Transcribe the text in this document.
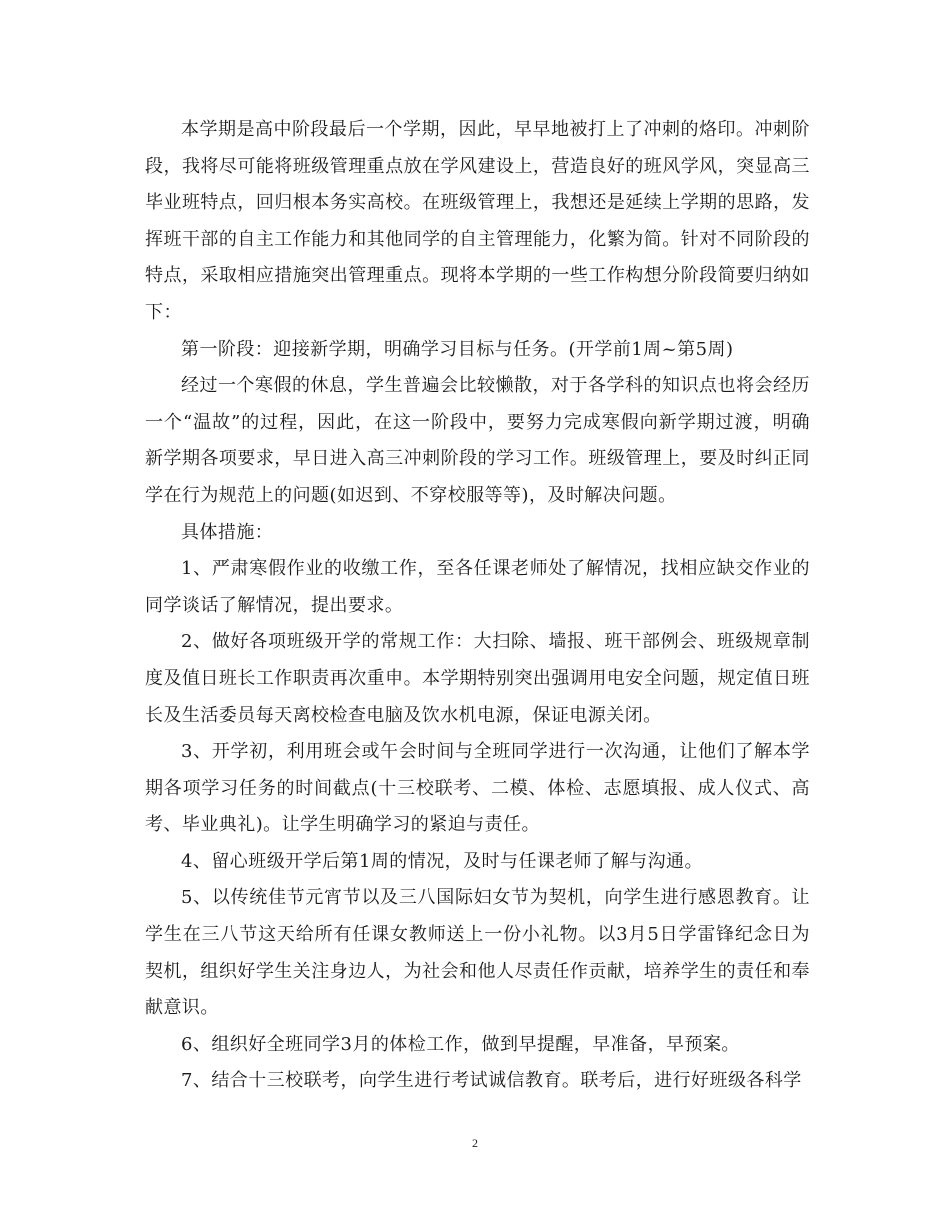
本学期是高中阶段最后一个学期，因此，早早地被打上了冲刺的烙印。冲刺阶段，我将尽可能将班级管理重点放在学风建设上，营造良好的班风学风，突显高三毕业班特点，回归根本务实高校。在班级管理上，我想还是延续上学期的思路，发挥班干部的自主工作能力和其他同学的自主管理能力，化繁为简。针对不同阶段的特点，采取相应措施突出管理重点。现将本学期的一些工作构想分阶段简要归纳如下：

第一阶段：迎接新学期，明确学习目标与任务。(开学前1周~第5周)

经过一个寒假的休息，学生普遍会比较懒散，对于各学科的知识点也将会经历一个“温故”的过程，因此，在这一阶段中，要努力完成寒假向新学期过渡，明确新学期各项要求，早日进入高三冲刺阶段的学习工作。班级管理上，要及时纠正同学在行为规范上的问题(如迟到、不穿校服等等)，及时解决问题。

具体措施：

1、严肃寒假作业的收缴工作，至各任课老师处了解情况，找相应缺交作业的同学谈话了解情况，提出要求。

2、做好各项班级开学的常规工作：大扫除、墙报、班干部例会、班级规章制度及值日班长工作职责再次重申。本学期特别突出强调用电安全问题，规定值日班长及生活委员每天离校检查电脑及饮水机电源，保证电源关闭。

3、开学初，利用班会或午会时间与全班同学进行一次沟通，让他们了解本学期各项学习任务的时间截点(十三校联考、二模、体检、志愿填报、成人仪式、高考、毕业典礼)。让学生明确学习的紧迫与责任。

4、留心班级开学后第1周的情况，及时与任课老师了解与沟通。

5、以传统佳节元宵节以及三八国际妇女节为契机，向学生进行感恩教育。让学生在三八节这天给所有任课女教师送上一份小礼物。以3月5日学雷锋纪念日为契机，组织好学生关注身边人，为社会和他人尽责任作贡献，培养学生的责任和奉献意识。

6、组织好全班同学3月的体检工作，做到早提醒，早准备，早预案。

7、结合十三校联考，向学生进行考试诚信教育。联考后，进行好班级各科学

2
